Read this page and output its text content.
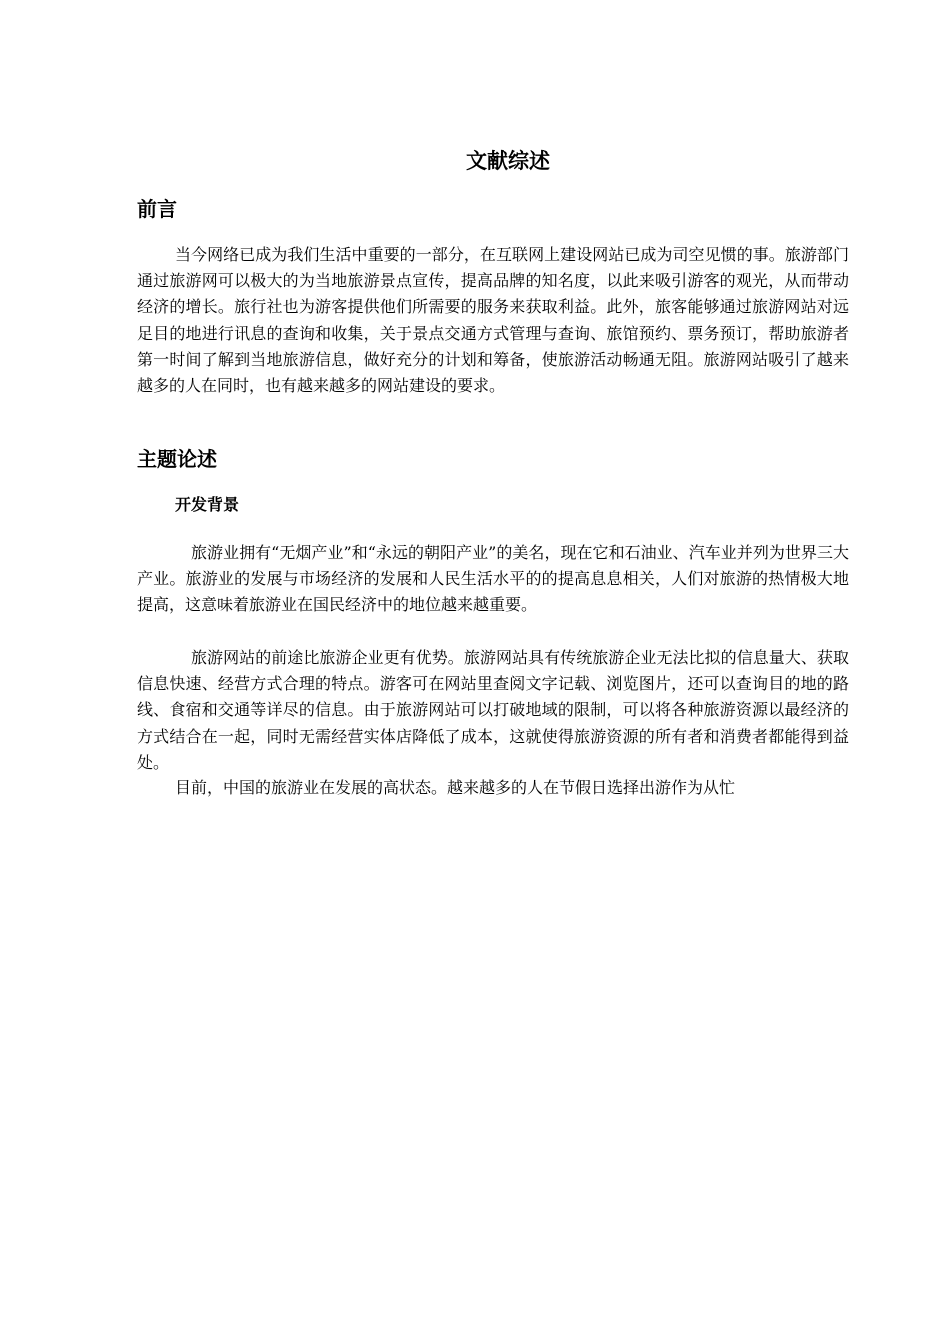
文献综述
前言

当今网络已成为我们生活中重要的一部分，在互联网上建设网站已成为司空见惯的事。旅游部门通过旅游网可以极大的为当地旅游景点宣传，提高品牌的知名度，以此来吸引游客的观光，从而带动经济的增长。旅行社也为游客提供他们所需要的服务来获取利益。此外，旅客能够通过旅游网站对远足目的地进行讯息的查询和收集，关于景点交通方式管理与查询、旅馆预约、票务预订，帮助旅游者第一时间了解到当地旅游信息，做好充分的计划和筹备，使旅游活动畅通无阻。旅游网站吸引了越来越多的人在同时，也有越来越多的网站建设的要求。

主题论述
开发背景

旅游业拥有“无烟产业”和“永远的朝阳产业”的美名，现在它和石油业、汽车业并列为世界三大产业。旅游业的发展与市场经济的发展和人民生活水平的的提高息息相关，人们对旅游的热情极大地提高，这意味着旅游业在国民经济中的地位越来越重要。

旅游网站的前途比旅游企业更有优势。旅游网站具有传统旅游企业无法比拟的信息量大、获取信息快速、经营方式合理的特点。游客可在网站里查阅文字记载、浏览图片，还可以查询目的地的路线、食宿和交通等详尽的信息。由于旅游网站可以打破地域的限制，可以将各种旅游资源以最经济的方式结合在一起，同时无需经营实体店降低了成本，这就使得旅游资源的所有者和消费者都能得到益处。

目前，中国的旅游业在发展的高状态。越来越多的人在节假日选择出游作为从忙
